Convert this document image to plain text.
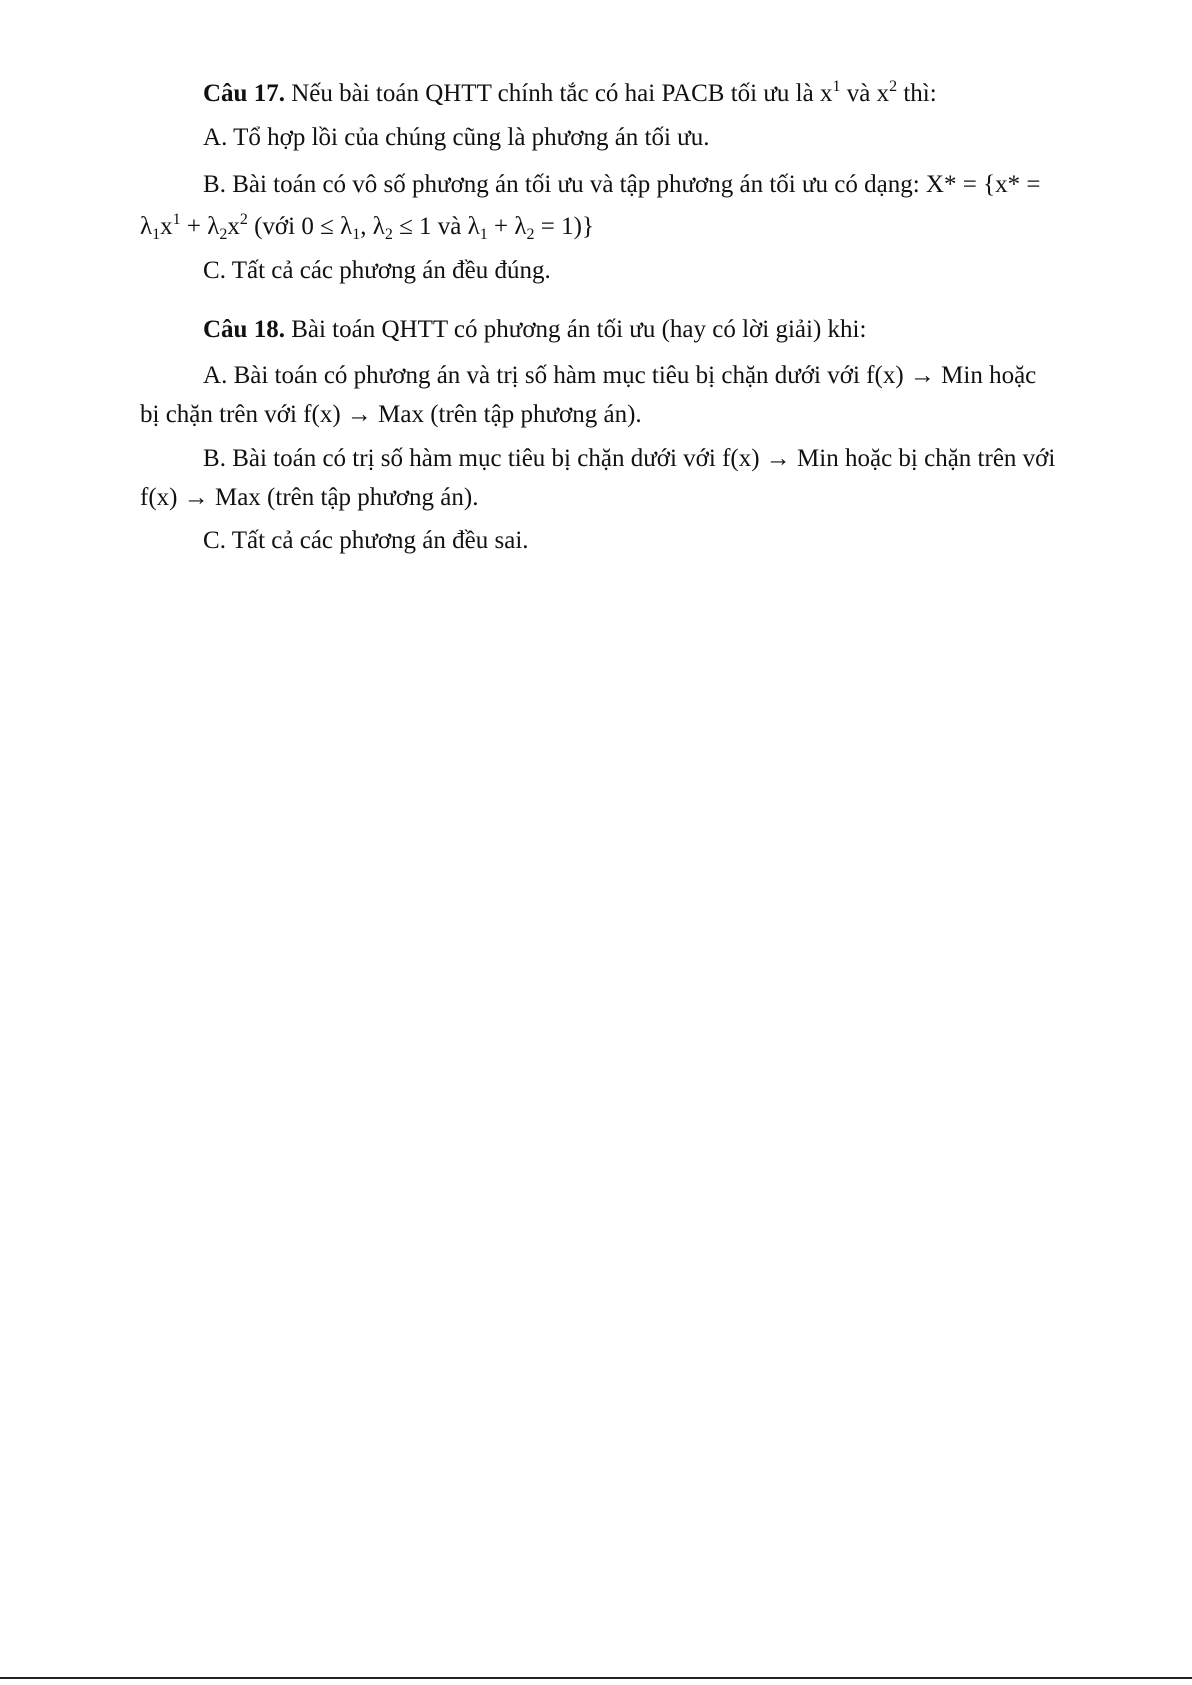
Câu 17. Nếu bài toán QHTT chính tắc có hai PACB tối ưu là $x^1$ và $x^2$ thì:

A. Tổ hợp lồi của chúng cũng là phương án tối ưu.

B. Bài toán có vô số phương án tối ưu và tập phương án tối ưu có dạng: X* = {x* =

$\lambda_1x^1 + \lambda_2x^2$ (với $0 \le \lambda_1$, $\lambda_2 \le 1$ và $\lambda_1 + \lambda_2 = 1$)}

C. Tất cả các phương án đều đúng.

Câu 18. Bài toán QHTT có phương án tối ưu (hay có lời giải) khi:

A. Bài toán có phương án và trị số hàm mục tiêu bị chặn dưới với f(x) → Min hoặc

bị chặn trên với f(x) → Max (trên tập phương án).

B. Bài toán có trị số hàm mục tiêu bị chặn dưới với f(x) → Min hoặc bị chặn trên với

f(x) → Max (trên tập phương án).

C. Tất cả các phương án đều sai.
